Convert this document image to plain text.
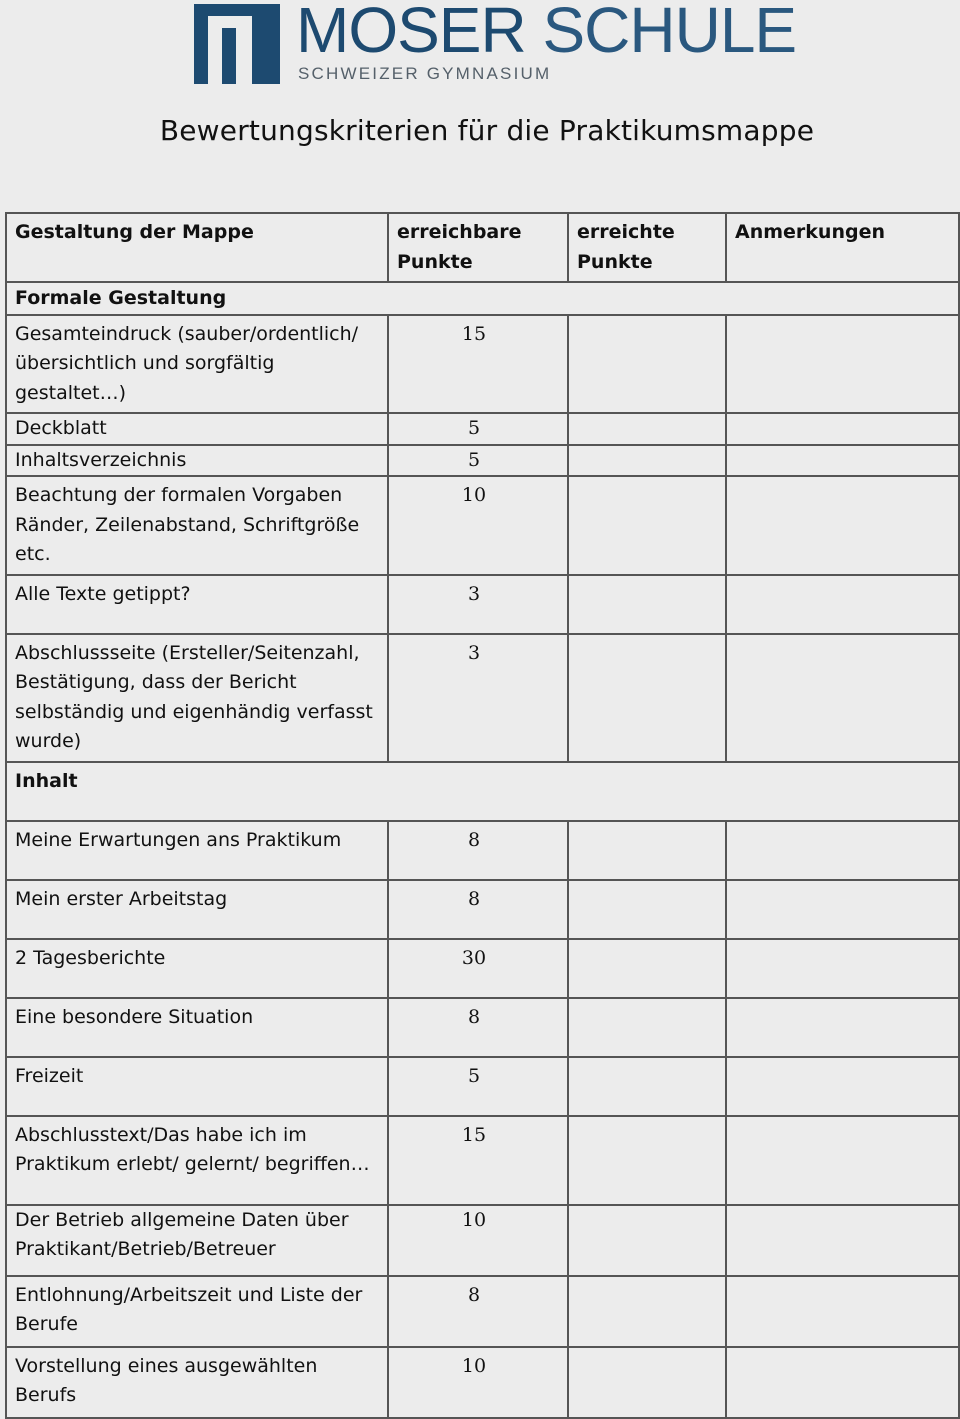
MOSER SCHULE
SCHWEIZER GYMNASIUM
Bewertungskriterien für die Praktikumsmappe
Gestaltung der Mappe	erreichbare Punkte	erreichte Punkte	Anmerkungen
Formale Gestaltung			
Gesamteindruck (sauber/ordentlich/übersichtlich und sorgfältig gestaltet…)	15		
Deckblatt	5		
Inhaltsverzeichnis	5		
Beachtung der formalen Vorgaben Ränder, Zeilenabstand, Schriftgröße etc.	10		
Alle Texte getippt?	3		
Abschlussseite (Ersteller/Seitenzahl, Bestätigung, dass der Bericht selbständig und eigenhändig verfasst wurde)	3		
Inhalt			
Meine Erwartungen ans Praktikum	8		
Mein erster Arbeitstag	8		
2 Tagesberichte	30		
Eine besondere Situation	8		
Freizeit	5		
Abschlusstext/Das habe ich im Praktikum erlebt/ gelernt/ begriffen…	15		
Der Betrieb allgemeine Daten über Praktikant/Betrieb/Betreuer	10		
Entlohnung/Arbeitszeit und Liste der Berufe	8		
Vorstellung eines ausgewählten Berufs	10		
